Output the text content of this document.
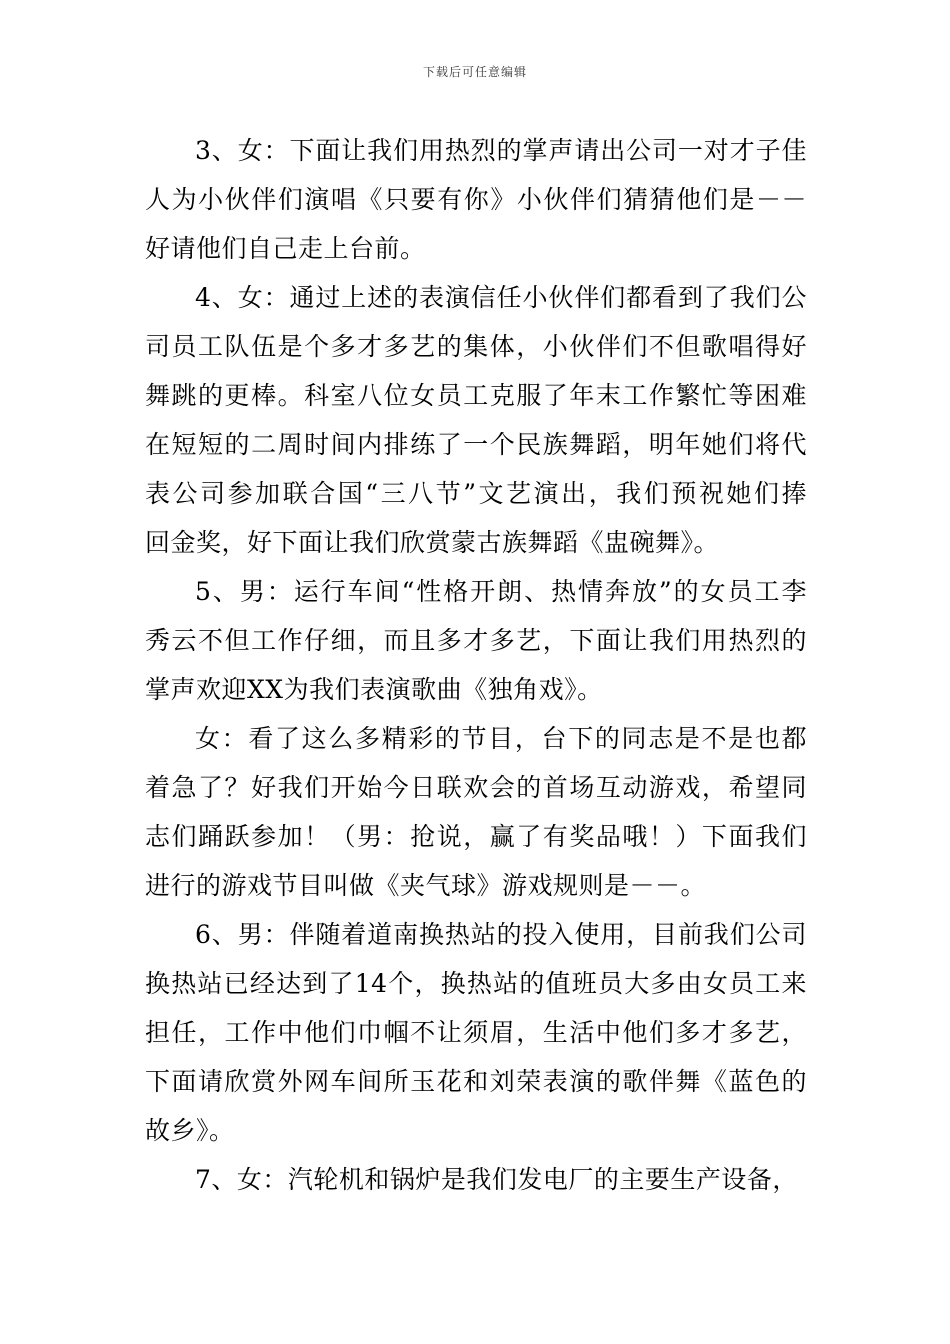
下载后可任意编辑
3、女：下面让我们用热烈的掌声请出公司一对才子佳
人为小伙伴们演唱《只要有你》小伙伴们猜猜他们是－－
好请他们自己走上台前。
4、女：通过上述的表演信任小伙伴们都看到了我们公
司员工队伍是个多才多艺的集体，小伙伴们不但歌唱得好
舞跳的更棒。科室八位女员工克服了年末工作繁忙等困难
在短短的二周时间内排练了一个民族舞蹈，明年她们将代
表公司参加联合国“三八节”文艺演出，我们预祝她们捧
回金奖，好下面让我们欣赏蒙古族舞蹈《盅碗舞》。
5、男：运行车间“性格开朗、热情奔放”的女员工李
秀云不但工作仔细，而且多才多艺，下面让我们用热烈的
掌声欢迎XX为我们表演歌曲《独角戏》。
女：看了这么多精彩的节目，台下的同志是不是也都
着急了？好我们开始今日联欢会的首场互动游戏，希望同
志们踊跃参加！（男：抢说，赢了有奖品哦！）下面我们
进行的游戏节目叫做《夹气球》游戏规则是－－。
6、男：伴随着道南换热站的投入使用，目前我们公司
换热站已经达到了14个，换热站的值班员大多由女员工来
担任，工作中他们巾帼不让须眉，生活中他们多才多艺，
下面请欣赏外网车间所玉花和刘荣表演的歌伴舞《蓝色的
故乡》。
7、女：汽轮机和锅炉是我们发电厂的主要生产设备，
